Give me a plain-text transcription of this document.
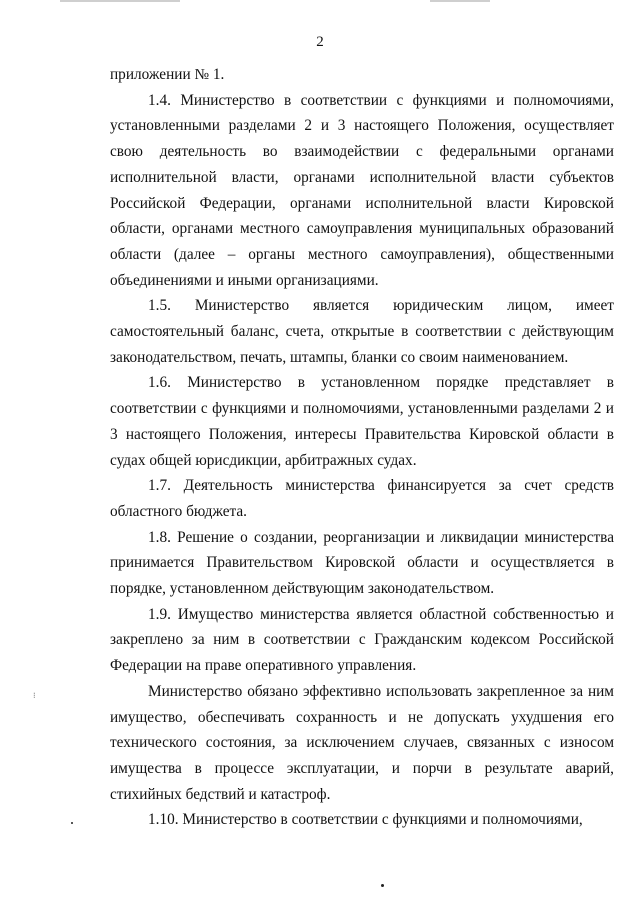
2

приложении № 1.

1.4. Министерство в соответствии с функциями и полномочиями, установленными разделами 2 и 3 настоящего Положения, осуществляет свою деятельность во взаимодействии с федеральными органами исполнительной власти, органами исполнительной власти субъектов Российской Федерации, органами исполнительной власти Кировской области, органами местного самоуправления муниципальных образований области (далее – органы местного самоуправления), общественными объединениями и иными организациями.

1.5. Министерство является юридическим лицом, имеет самостоятельный баланс, счета, открытые в соответствии с действующим законодательством, печать, штампы, бланки со своим наименованием.

1.6. Министерство в установленном порядке представляет в соответствии с функциями и полномочиями, установленными разделами 2 и 3 настоящего Положения, интересы Правительства Кировской области в судах общей юрисдикции, арбитражных судах.

1.7. Деятельность министерства финансируется за счет средств областного бюджета.

1.8. Решение о создании, реорганизации и ликвидации министерства принимается Правительством Кировской области и осуществляется в порядке, установленном действующим законодательством.

1.9. Имущество министерства является областной собственностью и закреплено за ним в соответствии с Гражданским кодексом Российской Федерации на праве оперативного управления.

Министерство обязано эффективно использовать закрепленное за ним имущество, обеспечивать сохранность и не допускать ухудшения его технического состояния, за исключением случаев, связанных с износом имущества в процессе эксплуатации, и порчи в результате аварий, стихийных бедствий и катастроф.

1.10. Министерство в соответствии с функциями и полномочиями,

⁝
